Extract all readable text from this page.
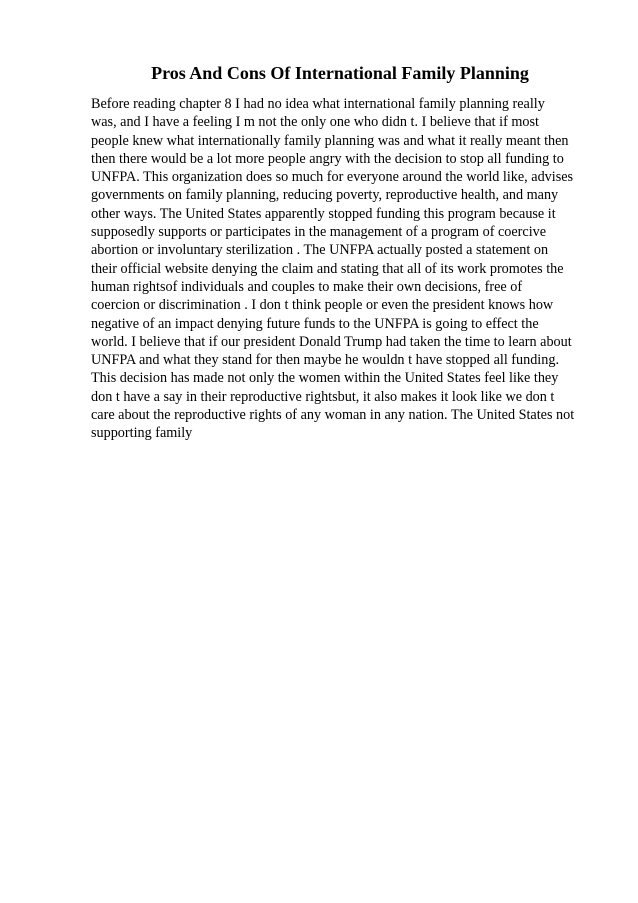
Pros And Cons Of International Family Planning
Before reading chapter 8 I had no idea what international family planning really
was, and I have a feeling I m not the only one who didn t. I believe that if most
people knew what internationally family planning was and what it really meant then
then there would be a lot more people angry with the decision to stop all funding to
UNFPA. This organization does so much for everyone around the world like, advises
governments on family planning, reducing poverty, reproductive health, and many
other ways. The United States apparently stopped funding this program because it
supposedly supports or participates in the management of a program of coercive
abortion or involuntary sterilization . The UNFPA actually posted a statement on
their official website denying the claim and stating that all of its work promotes the
human rightsof individuals and couples to make their own decisions, free of
coercion or discrimination . I don t think people or even the president knows how
negative of an impact denying future funds to the UNFPA is going to effect the
world. I believe that if our president Donald Trump had taken the time to learn about
UNFPA and what they stand for then maybe he wouldn t have stopped all funding.
This decision has made not only the women within the United States feel like they
don t have a say in their reproductive rightsbut, it also makes it look like we don t
care about the reproductive rights of any woman in any nation. The United States not
supporting family
